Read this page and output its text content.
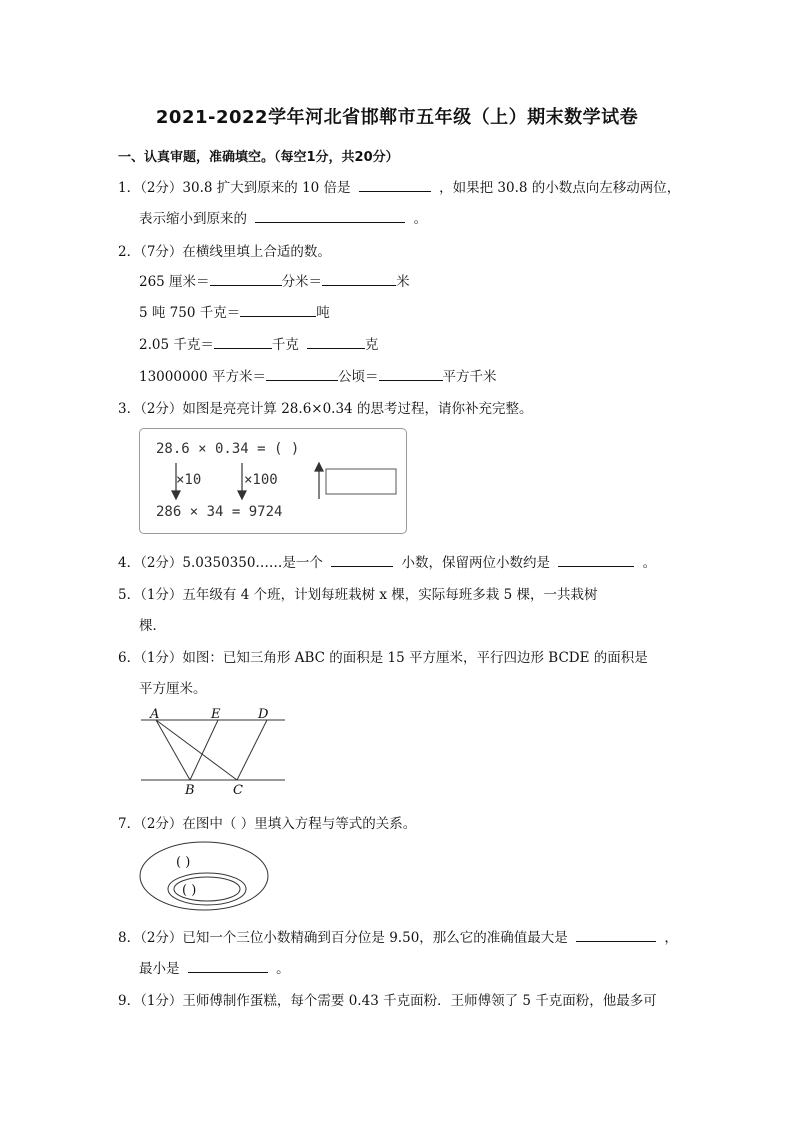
2021-2022学年河北省邯郸市五年级（上）期末数学试卷
一、认真审题，准确填空。（每空1分，共20分）
1．（2分）30.8 扩大到原来的 10 倍是	，如果把 30.8 的小数点向左移动两位，
表示缩小到原来的	。
2．（7分）在横线里填上合适的数。
265 厘米＝	分米＝	米
5 吨 750 千克＝	吨
2.05 千克＝	千克	克
13000000 平方米＝	公顷＝	平方千米
3．（2分）如图是亮亮计算 28.6×0.34 的思考过程，请你补充完整。
28.6 × 0.34 = ( )
×10	×100
286 × 34 = 9724
4．（2分）5.0350350……是一个	小数，保留两位小数约是	。
5．（1分）五年级有 4 个班，计划每班栽树 x 棵，实际每班多栽 5 棵，一共栽树
棵．
6．（1分）如图：已知三角形 ABC 的面积是 15 平方厘米，平行四边形 BCDE 的面积是
平方厘米。
A	E	D
B	C
7．（2分）在图中（ ）里填入方程与等式的关系。
( )
( )
8．（2分）已知一个三位小数精确到百分位是 9.50，那么它的准确值最大是	，
最小是	。
9．（1分）王师傅制作蛋糕，每个需要 0.43 千克面粉．王师傅领了 5 千克面粉，他最多可
